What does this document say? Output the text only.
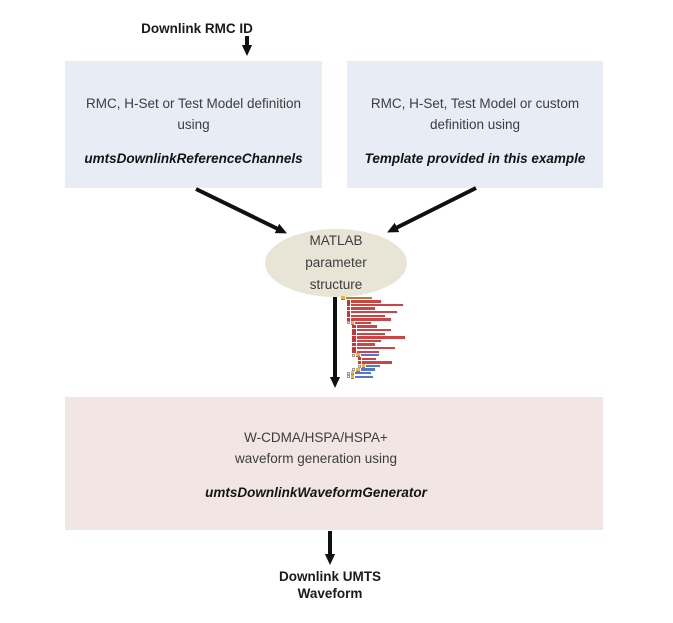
Downlink RMC ID
RMC, H-Set or Test Model definition
using
umtsDownlinkReferenceChannels
RMC, H-Set, Test Model or custom
definition using
Template provided in this example
MATLAB
parameter
structure
W-CDMA/HSPA/HSPA+
waveform generation using
umtsDownlinkWaveformGenerator
Downlink UMTS
Waveform
